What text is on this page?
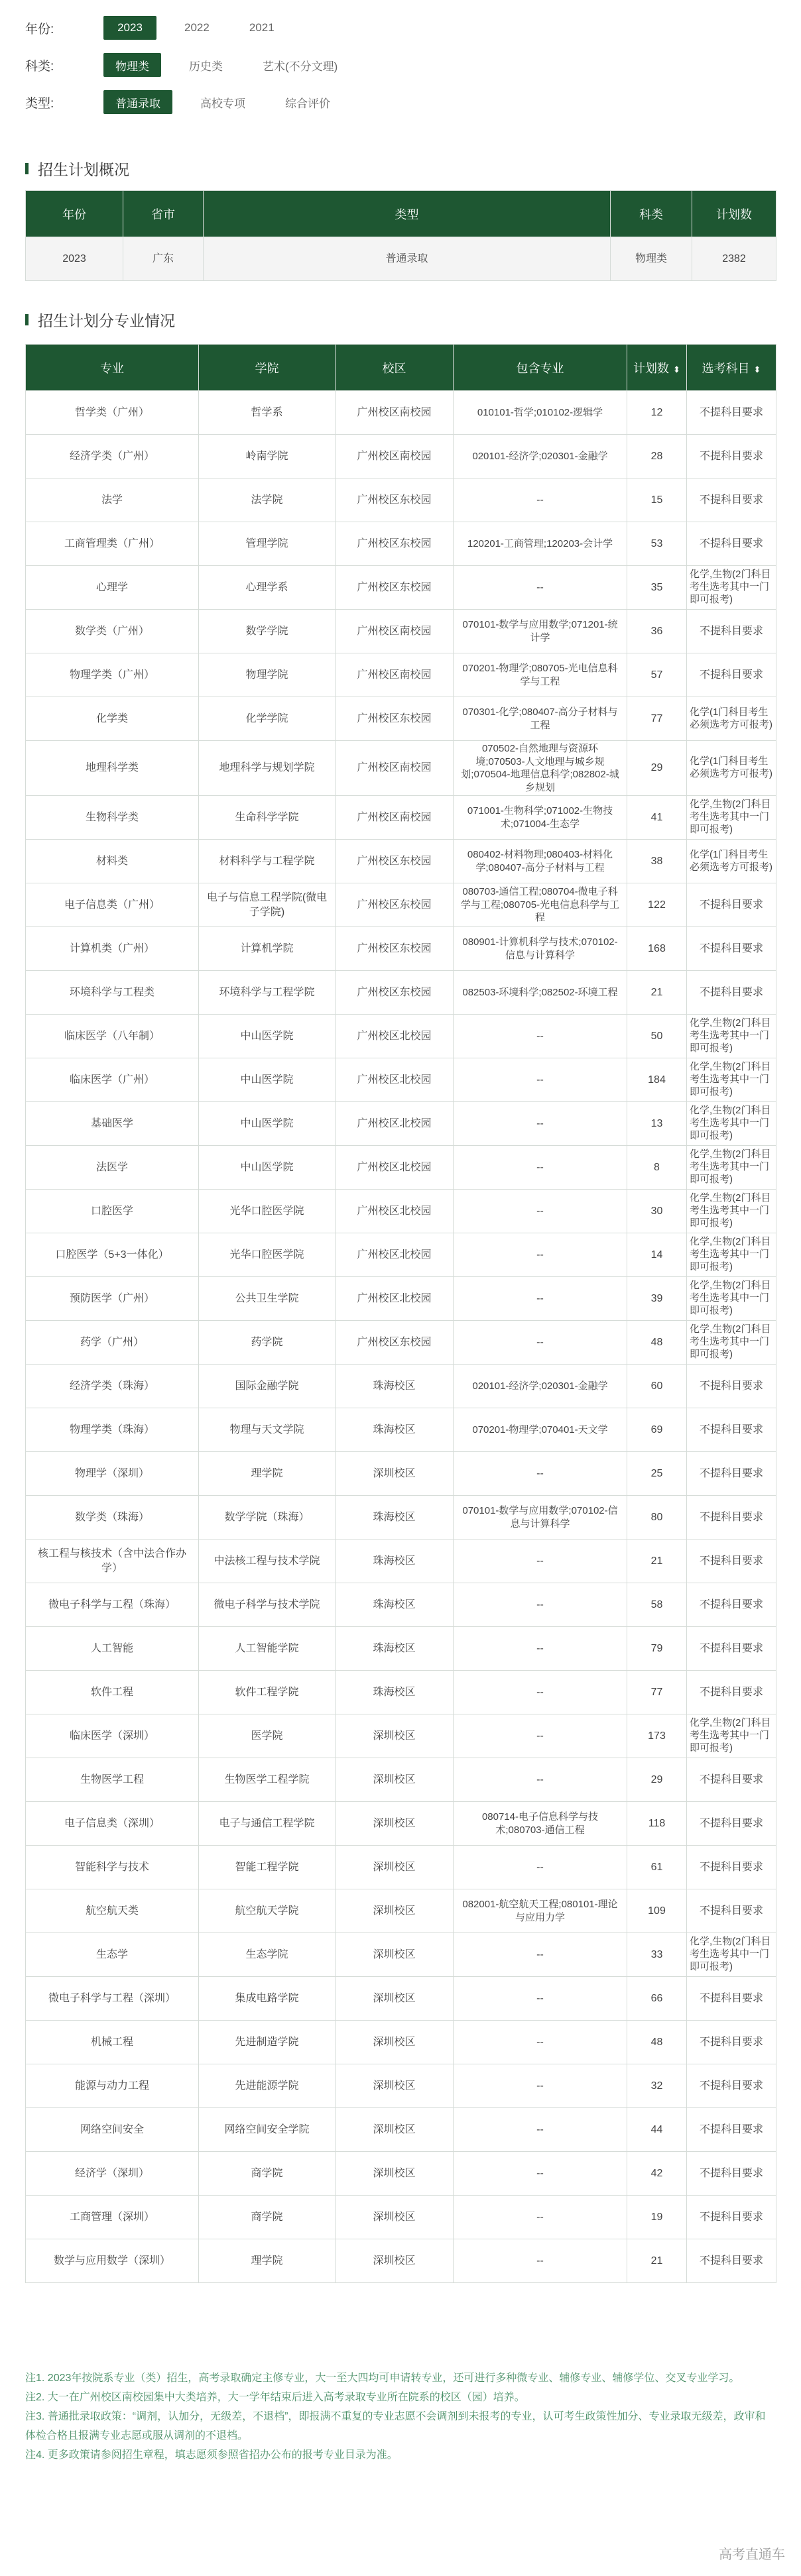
年份:	2023	2022	2021
科类:	物理类	历史类	艺术(不分文理)
类型:	普通录取	高校专项	综合评价
招生计划概况
年份	省市	类型	科类	计划数
2023	广东	普通录取	物理类	2382
招生计划分专业情况
专业	学院	校区	包含专业	计划数 ⬍	选考科目 ⬍
哲学类（广州）	哲学系	广州校区南校园	010101-哲学;010102-逻辑学	12	不提科目要求
经济学类（广州）	岭南学院	广州校区南校园	020101-经济学;020301-金融学	28	不提科目要求
法学	法学院	广州校区东校园	--	15	不提科目要求
工商管理类（广州）	管理学院	广州校区东校园	120201-工商管理;120203-会计学	53	不提科目要求
心理学	心理学系	广州校区东校园	--	35	化学,生物(2门科目考生选考其中一门即可报考)
数学类（广州）	数学学院	广州校区南校园	070101-数学与应用数学;071201-统计学	36	不提科目要求
物理学类（广州）	物理学院	广州校区南校园	070201-物理学;080705-光电信息科学与工程	57	不提科目要求
化学类	化学学院	广州校区东校园	070301-化学;080407-高分子材料与工程	77	化学(1门科目考生必须选考方可报考)
地理科学类	地理科学与规划学院	广州校区南校园	070502-自然地理与资源环境;070503-人文地理与城乡规划;070504-地理信息科学;082802-城乡规划	29	化学(1门科目考生必须选考方可报考)
生物科学类	生命科学学院	广州校区南校园	071001-生物科学;071002-生物技术;071004-生态学	41	化学,生物(2门科目考生选考其中一门即可报考)
材料类	材料科学与工程学院	广州校区东校园	080402-材料物理;080403-材料化学;080407-高分子材料与工程	38	化学(1门科目考生必须选考方可报考)
电子信息类（广州）	电子与信息工程学院(微电子学院)	广州校区东校园	080703-通信工程;080704-微电子科学与工程;080705-光电信息科学与工程	122	不提科目要求
计算机类（广州）	计算机学院	广州校区东校园	080901-计算机科学与技术;070102-信息与计算科学	168	不提科目要求
环境科学与工程类	环境科学与工程学院	广州校区东校园	082503-环境科学;082502-环境工程	21	不提科目要求
临床医学（八年制）	中山医学院	广州校区北校园	--	50	化学,生物(2门科目考生选考其中一门即可报考)
临床医学（广州）	中山医学院	广州校区北校园	--	184	化学,生物(2门科目考生选考其中一门即可报考)
基础医学	中山医学院	广州校区北校园	--	13	化学,生物(2门科目考生选考其中一门即可报考)
法医学	中山医学院	广州校区北校园	--	8	化学,生物(2门科目考生选考其中一门即可报考)
口腔医学	光华口腔医学院	广州校区北校园	--	30	化学,生物(2门科目考生选考其中一门即可报考)
口腔医学（5+3一体化）	光华口腔医学院	广州校区北校园	--	14	化学,生物(2门科目考生选考其中一门即可报考)
预防医学（广州）	公共卫生学院	广州校区北校园	--	39	化学,生物(2门科目考生选考其中一门即可报考)
药学（广州）	药学院	广州校区东校园	--	48	化学,生物(2门科目考生选考其中一门即可报考)
经济学类（珠海）	国际金融学院	珠海校区	020101-经济学;020301-金融学	60	不提科目要求
物理学类（珠海）	物理与天文学院	珠海校区	070201-物理学;070401-天文学	69	不提科目要求
物理学（深圳）	理学院	深圳校区	--	25	不提科目要求
数学类（珠海）	数学学院（珠海）	珠海校区	070101-数学与应用数学;070102-信息与计算科学	80	不提科目要求
核工程与核技术（含中法合作办学）	中法核工程与技术学院	珠海校区	--	21	不提科目要求
微电子科学与工程（珠海）	微电子科学与技术学院	珠海校区	--	58	不提科目要求
人工智能	人工智能学院	珠海校区	--	79	不提科目要求
软件工程	软件工程学院	珠海校区	--	77	不提科目要求
临床医学（深圳）	医学院	深圳校区	--	173	化学,生物(2门科目考生选考其中一门即可报考)
生物医学工程	生物医学工程学院	深圳校区	--	29	不提科目要求
电子信息类（深圳）	电子与通信工程学院	深圳校区	080714-电子信息科学与技术;080703-通信工程	118	不提科目要求
智能科学与技术	智能工程学院	深圳校区	--	61	不提科目要求
航空航天类	航空航天学院	深圳校区	082001-航空航天工程;080101-理论与应用力学	109	不提科目要求
生态学	生态学院	深圳校区	--	33	化学,生物(2门科目考生选考其中一门即可报考)
微电子科学与工程（深圳）	集成电路学院	深圳校区	--	66	不提科目要求
机械工程	先进制造学院	深圳校区	--	48	不提科目要求
能源与动力工程	先进能源学院	深圳校区	--	32	不提科目要求
网络空间安全	网络空间安全学院	深圳校区	--	44	不提科目要求
经济学（深圳）	商学院	深圳校区	--	42	不提科目要求
工商管理（深圳）	商学院	深圳校区	--	19	不提科目要求
数学与应用数学（深圳）	理学院	深圳校区	--	21	不提科目要求

注1. 2023年按院系专业（类）招生，高考录取确定主修专业，大一至大四均可申请转专业，还可进行多种微专业、辅修专业、辅修学位、交叉专业学习。

注2. 大一在广州校区南校园集中大类培养，大一学年结束后进入高考录取专业所在院系的校区（园）培养。

注3. 普通批录取政策：“调剂，认加分，无级差，不退档”，即报满不重复的专业志愿不会调剂到未报考的专业，认可考生政策性加分、专业录取无级差，政审和体检合格且报满专业志愿或服从调剂的不退档。

注4. 更多政策请参阅招生章程，填志愿须参照省招办公布的报考专业目录为准。

高考直通车
